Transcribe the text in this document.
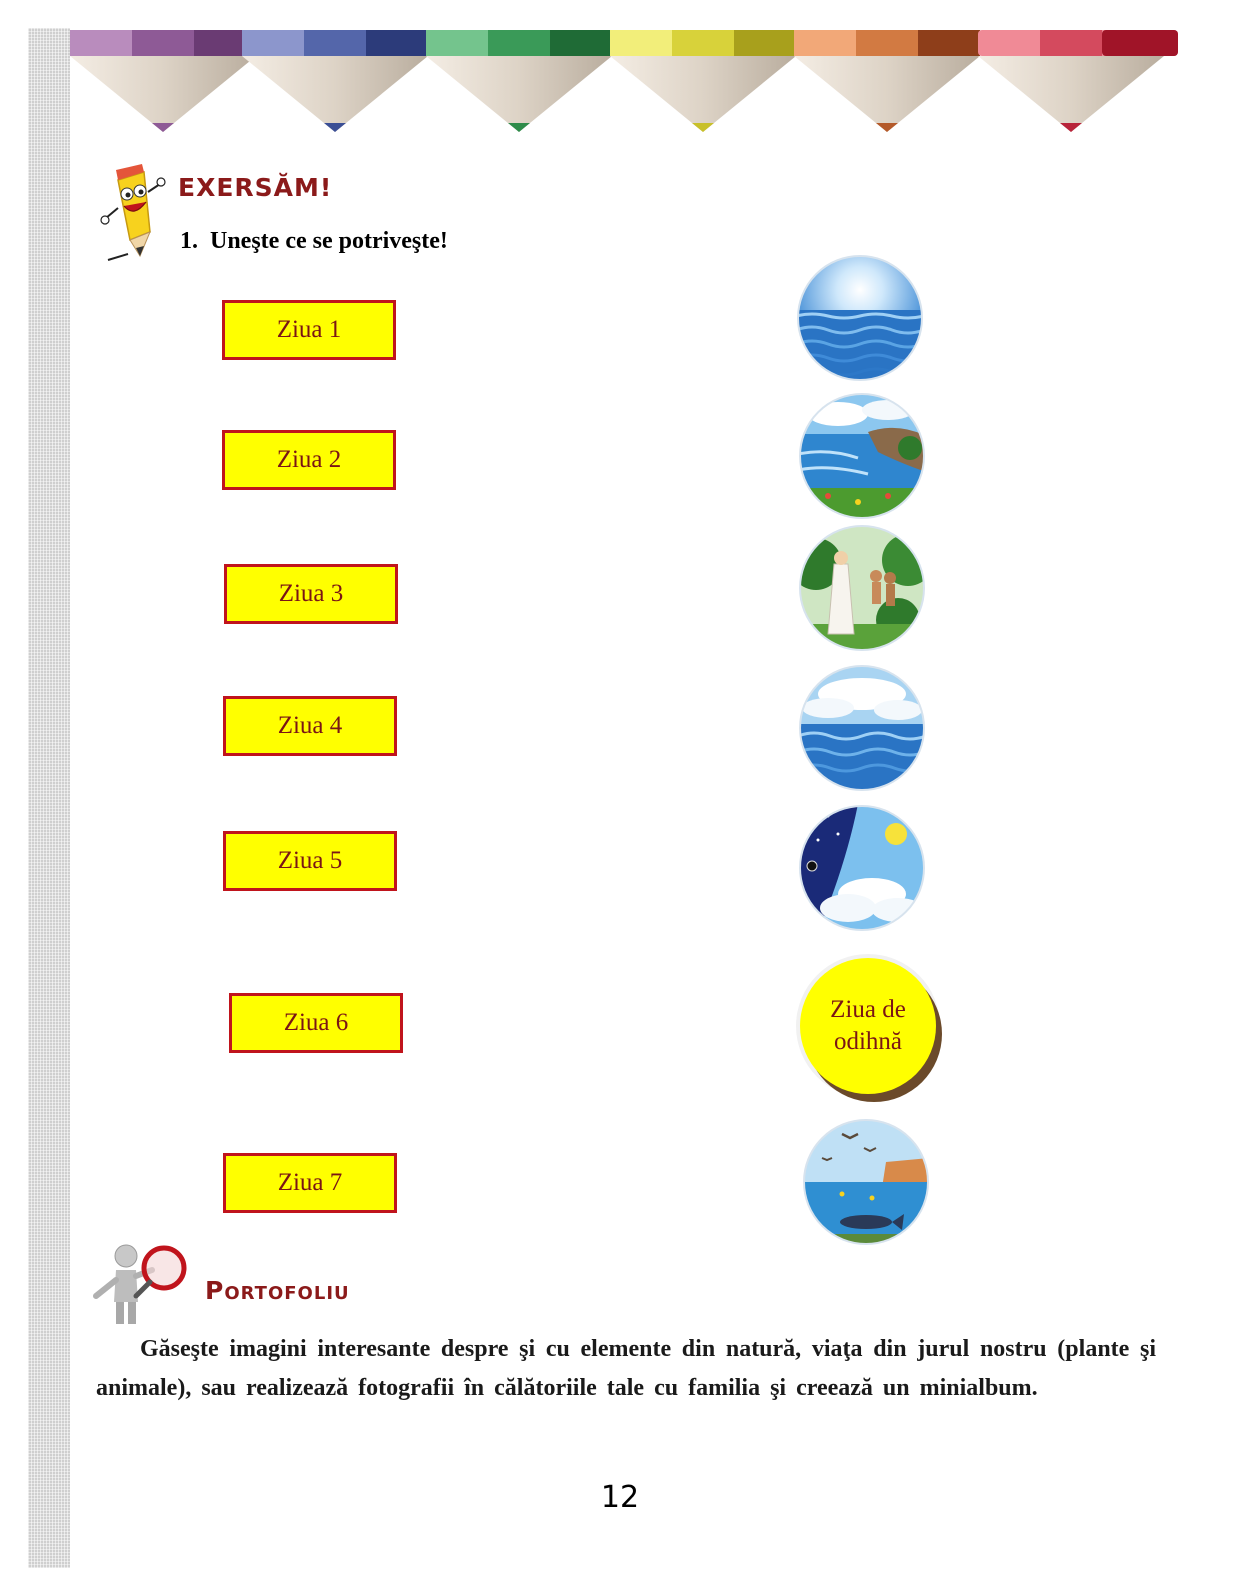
EXERSĂM!

1. Uneşte ce se potriveşte!

Ziua 1
Ziua 2
Ziua 3
Ziua 4
Ziua 5
Ziua 6
Ziua 7
Ziua de
odihnă
Portofoliu

Găseşte imagini interesante despre şi cu elemente din natură, viaţa din jurul nostru (plante şi animale), sau realizează fotografii în călătoriile tale cu familia şi creează un minialbum.

12
